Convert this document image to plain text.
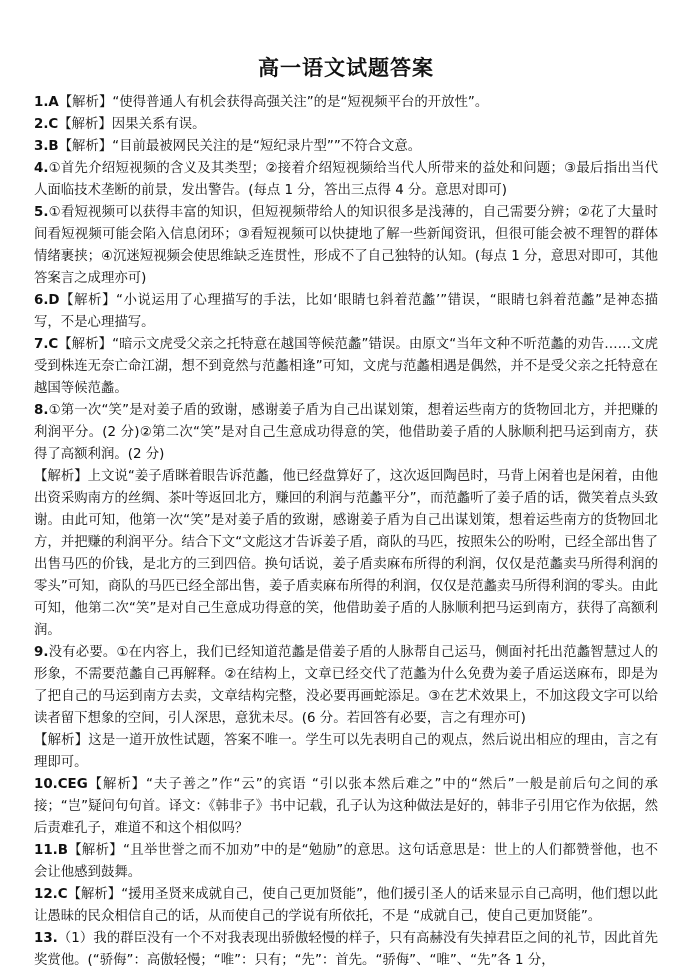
高一语文试题答案

1.A【解析】“使得普通人有机会获得高强关注”的是“短视频平台的开放性”。

2.C【解析】因果关系有误。

3.B【解析】“目前最被网民关注的是“短纪录片型””不符合文意。

4.①首先介绍短视频的含义及其类型；②接着介绍短视频给当代人所带来的益处和问题；③最后指出当代人面临技术垄断的前景，发出警告。(每点 1 分，答出三点得 4 分。意思对即可)

5.①看短视频可以获得丰富的知识，但短视频带给人的知识很多是浅薄的，自己需要分辨；②花了大量时间看短视频可能会陷入信息闭环；③看短视频可以快捷地了解一些新闻资讯，但很可能会被不理智的群体情绪裹挟；④沉迷短视频会使思维缺乏连贯性，形成不了自己独特的认知。(每点 1 分，意思对即可，其他答案言之成理亦可)

6.D【解析】“小说运用了心理描写的手法，比如‘眼睛乜斜着范蠡’”错误，“眼睛乜斜着范蠡”是神态描写，不是心理描写。

7.C【解析】“暗示文虎受父亲之托特意在越国等候范蠡”错误。由原文“当年文种不听范蠡的劝告……文虎受到株连无奈亡命江湖，想不到竟然与范蠡相逢”可知，文虎与范蠡相遇是偶然，并不是受父亲之托特意在越国等候范蠡。

8.①第一次“笑”是对姜子盾的致谢，感谢姜子盾为自己出谋划策，想着运些南方的货物回北方，并把赚的利润平分。(2 分)②第二次“笑”是对自己生意成功得意的笑，他借助姜子盾的人脉顺利把马运到南方，获得了高额利润。(2 分)

【解析】上文说“姜子盾眯着眼告诉范蠡，他已经盘算好了，这次返回陶邑时，马背上闲着也是闲着，由他出资采购南方的丝绸、茶叶等返回北方，赚回的利润与范蠡平分”，而范蠡听了姜子盾的话，微笑着点头致谢。由此可知，他第一次“笑”是对姜子盾的致谢，感谢姜子盾为自己出谋划策，想着运些南方的货物回北方，并把赚的利润平分。结合下文“文彪这才告诉姜子盾，商队的马匹，按照朱公的吩咐，已经全部出售了出售马匹的价钱，是北方的三到四倍。换句话说，姜子盾卖麻布所得的利润，仅仅是范蠡卖马所得利润的零头”可知，商队的马匹已经全部出售，姜子盾卖麻布所得的利润，仅仅是范蠡卖马所得利润的零头。由此可知，他第二次“笑”是对自己生意成功得意的笑，他借助姜子盾的人脉顺利把马运到南方，获得了高额利润。

9.没有必要。①在内容上，我们已经知道范蠡是借姜子盾的人脉帮自己运马，侧面衬托出范蠡智慧过人的形象，不需要范蠡自己再解释。②在结构上，文章已经交代了范蠡为什么免费为姜子盾运送麻布，即是为了把自己的马运到南方去卖，文章结构完整，没必要再画蛇添足。③在艺术效果上，不加这段文字可以给读者留下想象的空间，引人深思，意犹未尽。(6 分。若回答有必要，言之有理亦可)

【解析】这是一道开放性试题，答案不唯一。学生可以先表明自己的观点，然后说出相应的理由，言之有理即可。

10.CEG【解析】“夫子善之”作“云”的宾语 “引以张本然后难之”中的“然后”一般是前后句之间的承接；“岂”疑问句句首。译文：《韩非子》书中记载，孔子认为这种做法是好的，韩非子引用它作为依据，然后责难孔子，难道不和这个相似吗？

11.B【解析】“且举世誉之而不加劝”中的是“勉励”的意思。这句话意思是：世上的人们都赞誉他，也不会让他感到鼓舞。

12.C【解析】“援用圣贤来成就自己，使自己更加贤能”，他们援引圣人的话来显示自己高明，他们想以此让愚昧的民众相信自己的话，从而使自己的学说有所依托，不是 “成就自己，使自己更加贤能”。

13.（1）我的群臣没有一个不对我表现出骄傲轻慢的样子，只有高赫没有失掉君臣之间的礼节，因此首先奖赏他。(“骄侮”：高傲轻慢；“唯”：只有；“先”：首先。“骄侮”、“唯”、“先”各 1 分，
